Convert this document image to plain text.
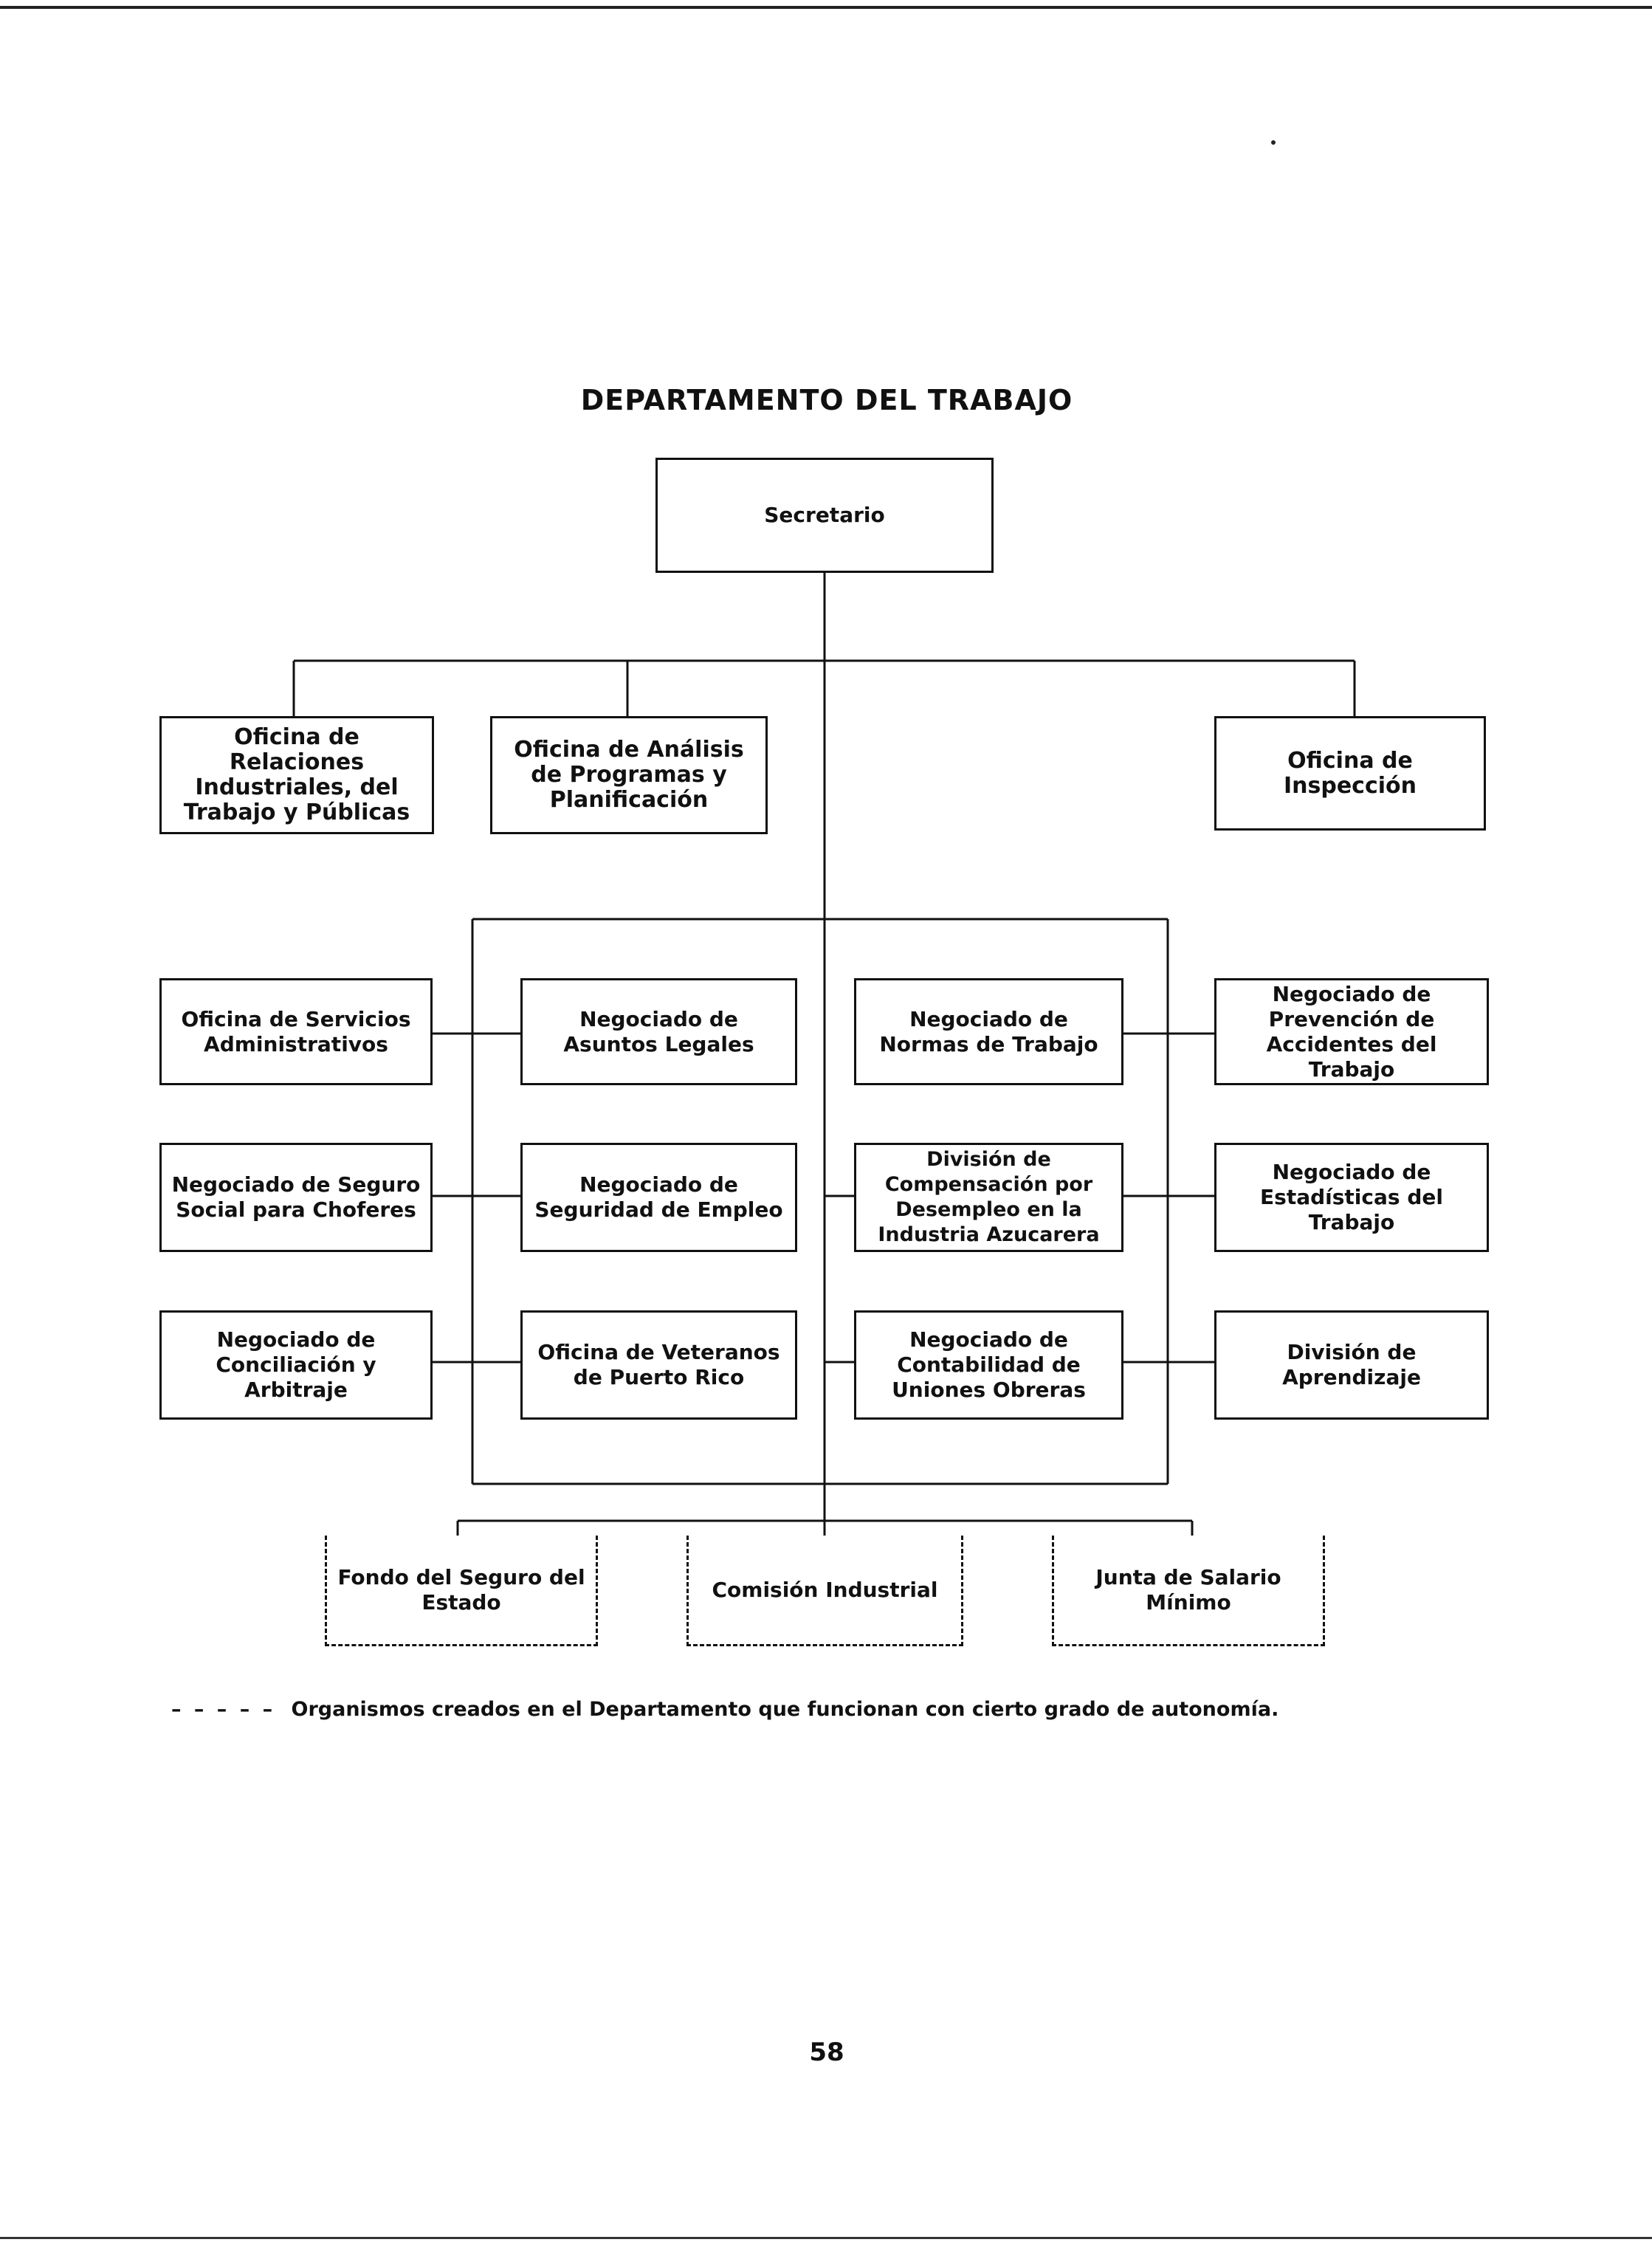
DEPARTAMENTO DEL TRABAJO
Secretario
Oficina de Relaciones Industriales, del Trabajo y Públicas
Oficina de Análisis de Programas y Planificación
Oficina de Inspección
Oficina de Servicios Administrativos
Negociado de Asuntos Legales
Negociado de Normas de Trabajo
Negociado de Prevención de Accidentes del Trabajo
Negociado de Seguro Social para Choferes
Negociado de Seguridad de Empleo
División de Compensación por Desempleo en la Industria Azucarera
Negociado de Estadísticas del Trabajo
Negociado de Conciliación y Arbitraje
Oficina de Veteranos de Puerto Rico
Negociado de Contabilidad de Uniones Obreras
División de Aprendizaje
Fondo del Seguro del Estado
Comisión Industrial
Junta de Salario Mínimo
– – – – – Organismos creados en el Departamento que funcionan con cierto grado de autonomía.
58
